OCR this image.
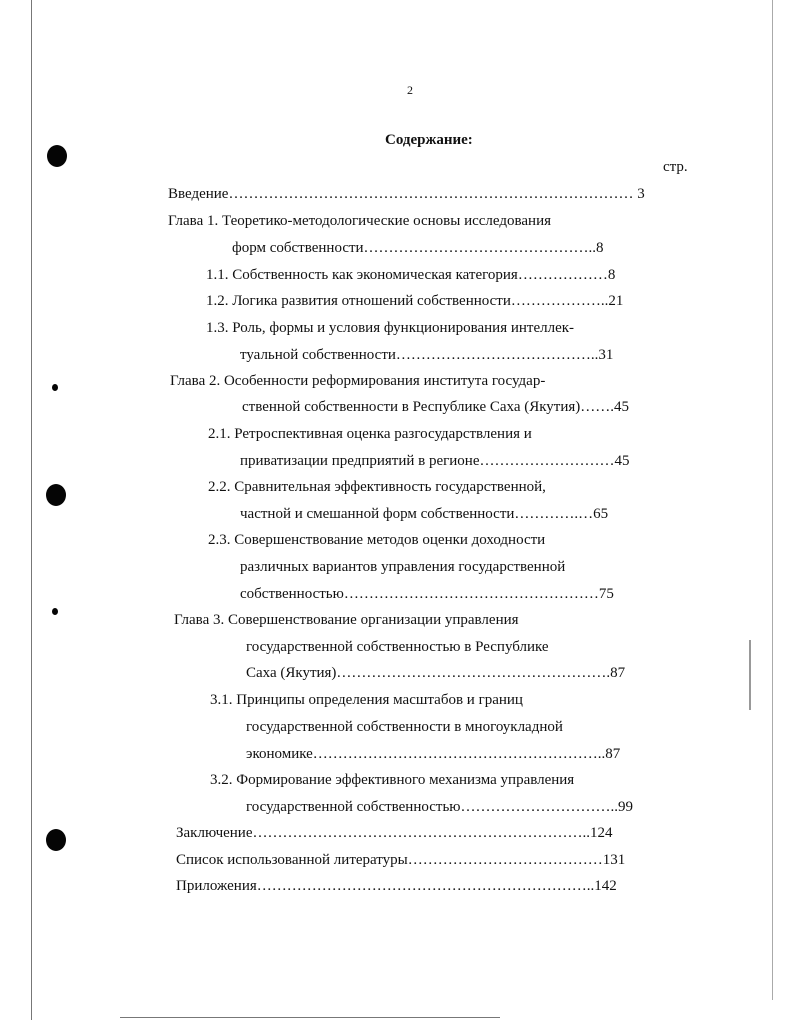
2
Содержание:
стр.
Введение……………………………………………………………………… 3
Глава 1. Теоретико-методологические основы исследования
форм собственности………………………………………..8
1.1. Собственность как экономическая категория………………8
1.2. Логика развития отношений собственности………………..21
1.3. Роль, формы и условия функционирования интеллек-
туальной собственности…………………………………..31
Глава 2. Особенности реформирования института государ-
ственной собственности в Республике Саха (Якутия)…….45
2.1. Ретроспективная оценка разгосударствления и
приватизации предприятий в регионе………………………45
2.2. Сравнительная эффективность государственной,
частной и смешанной форм собственности………….…65
2.3. Совершенствование методов оценки доходности
различных вариантов управления государственной
собственностью……………………………………………75
Глава 3. Совершенствование организации управления
государственной собственностью в Республике
Саха (Якутия)……………………………………………….87
3.1. Принципы определения масштабов и границ
государственной собственности в многоукладной
экономике…………………………………………………..87
3.2. Формирование эффективного механизма управления
государственной собственностью…………………………..99
Заключение…………………………………………………………..124
Список использованной литературы…………………………………131
Приложения…………………………………………………………..142
